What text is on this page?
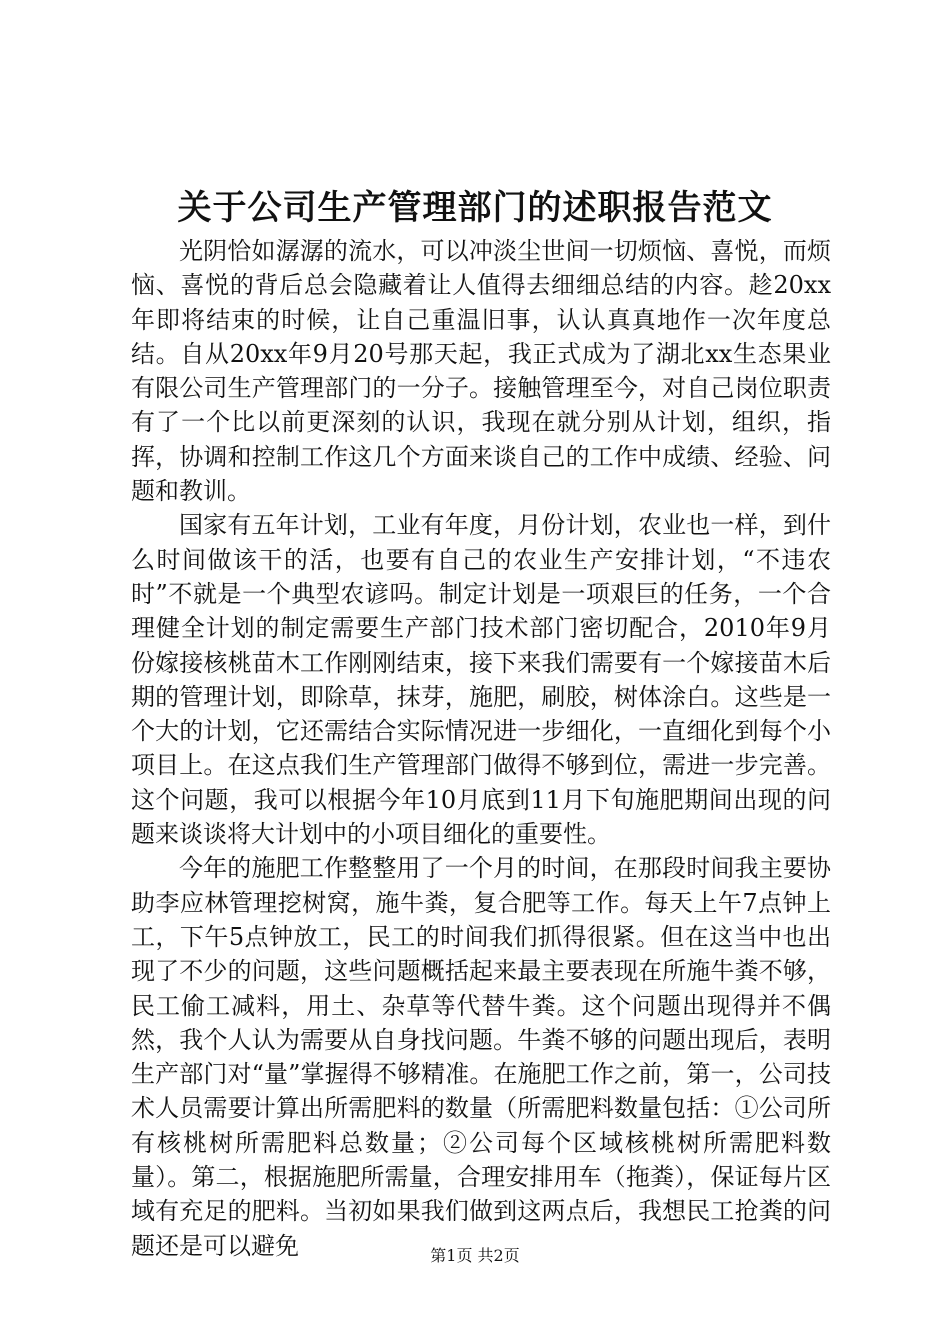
关于公司生产管理部门的述职报告范文

光阴恰如潺潺的流水，可以冲淡尘世间一切烦恼、喜悦，而烦恼、喜悦的背后总会隐藏着让人值得去细细总结的内容。趁20xx年即将结束的时候，让自己重温旧事，认认真真地作一次年度总结。自从20xx年9月20号那天起，我正式成为了湖北xx生态果业有限公司生产管理部门的一分子。接触管理至今，对自己岗位职责有了一个比以前更深刻的认识，我现在就分别从计划，组织，指挥，协调和控制工作这几个方面来谈自己的工作中成绩、经验、问题和教训。

国家有五年计划，工业有年度，月份计划，农业也一样，到什么时间做该干的活，也要有自己的农业生产安排计划，“不违农时”不就是一个典型农谚吗。制定计划是一项艰巨的任务，一个合理健全计划的制定需要生产部门技术部门密切配合，2010年9月份嫁接核桃苗木工作刚刚结束，接下来我们需要有一个嫁接苗木后期的管理计划，即除草，抹芽，施肥，刷胶，树体涂白。这些是一个大的计划，它还需结合实际情况进一步细化，一直细化到每个小项目上。在这点我们生产管理部门做得不够到位，需进一步完善。这个问题，我可以根据今年10月底到11月下旬施肥期间出现的问题来谈谈将大计划中的小项目细化的重要性。

今年的施肥工作整整用了一个月的时间，在那段时间我主要协助李应林管理挖树窝，施牛粪，复合肥等工作。每天上午7点钟上工，下午5点钟放工，民工的时间我们抓得很紧。但在这当中也出现了不少的问题，这些问题概括起来最主要表现在所施牛粪不够，民工偷工减料，用土、杂草等代替牛粪。这个问题出现得并不偶然，我个人认为需要从自身找问题。牛粪不够的问题出现后，表明生产部门对“量”掌握得不够精准。在施肥工作之前，第一，公司技术人员需要计算出所需肥料的数量（所需肥料数量包括：①公司所有核桃树所需肥料总数量；②公司每个区域核桃树所需肥料数量）。第二，根据施肥所需量，合理安排用车（拖粪），保证每片区域有充足的肥料。当初如果我们做到这两点后，我想民工抢粪的问题还是可以避免	第1页 共2页
